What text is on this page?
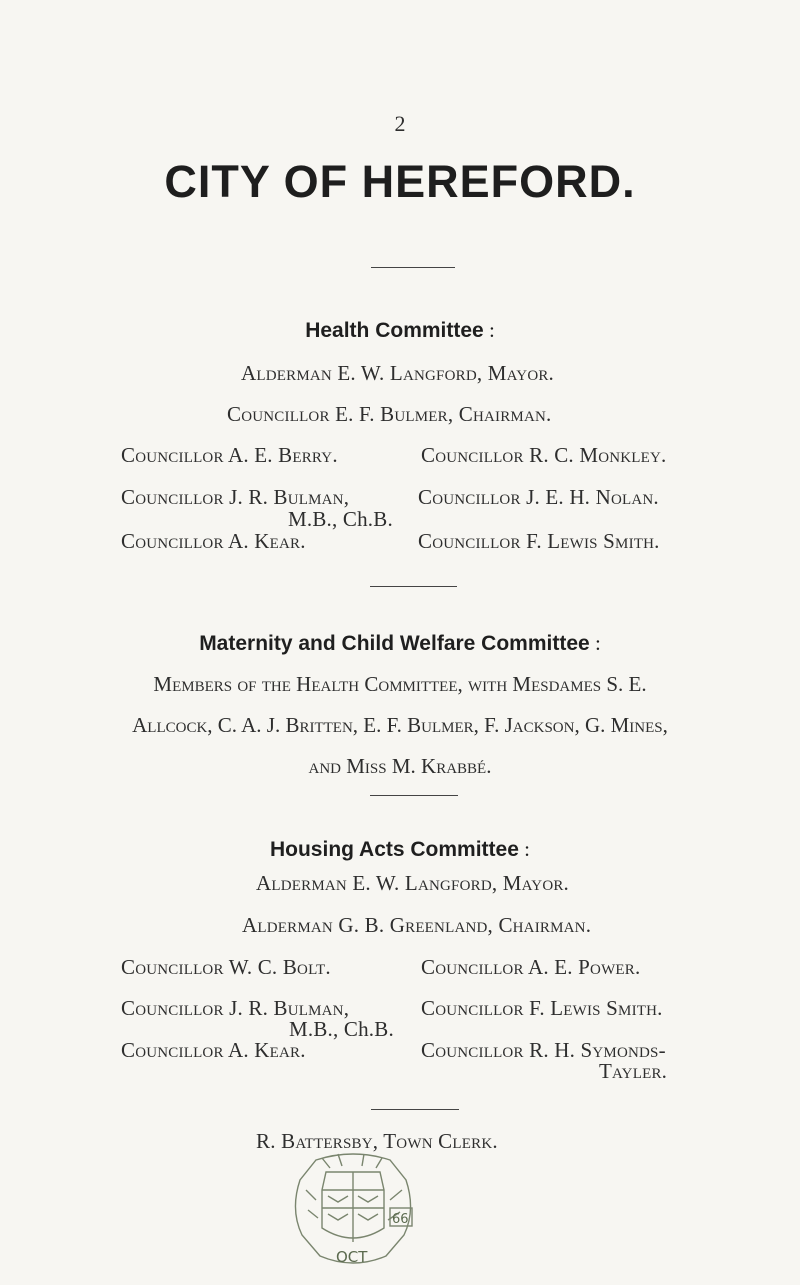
2
CITY OF HEREFORD.
Health Committee :
Alderman E. W. Langford, Mayor.
Councillor E. F. Bulmer, Chairman.
Councillor A. E. Berry.	Councillor R. C. Monkley.
Councillor J. R. Bulman,	Councillor J. E. H. Nolan.
M.B., Ch.B.
Councillor A. Kear.	Councillor F. Lewis Smith.
Maternity and Child Welfare Committee :
Members of the Health Committee, with Mesdames S. E.
Allcock, C. A. J. Britten, E. F. Bulmer, F. Jackson, G. Mines,
and Miss M. Krabbé.
Housing Acts Committee :
Alderman E. W. Langford, Mayor.
Alderman G. B. Greenland, Chairman.
Councillor W. C. Bolt.	Councillor A. E. Power.
Councillor J. R. Bulman,	Councillor F. Lewis Smith.
M.B., Ch.B.
Councillor A. Kear.	Councillor R. H. Symonds-
Tayler.
R. Battersby, Town Clerk.
66
OCT
